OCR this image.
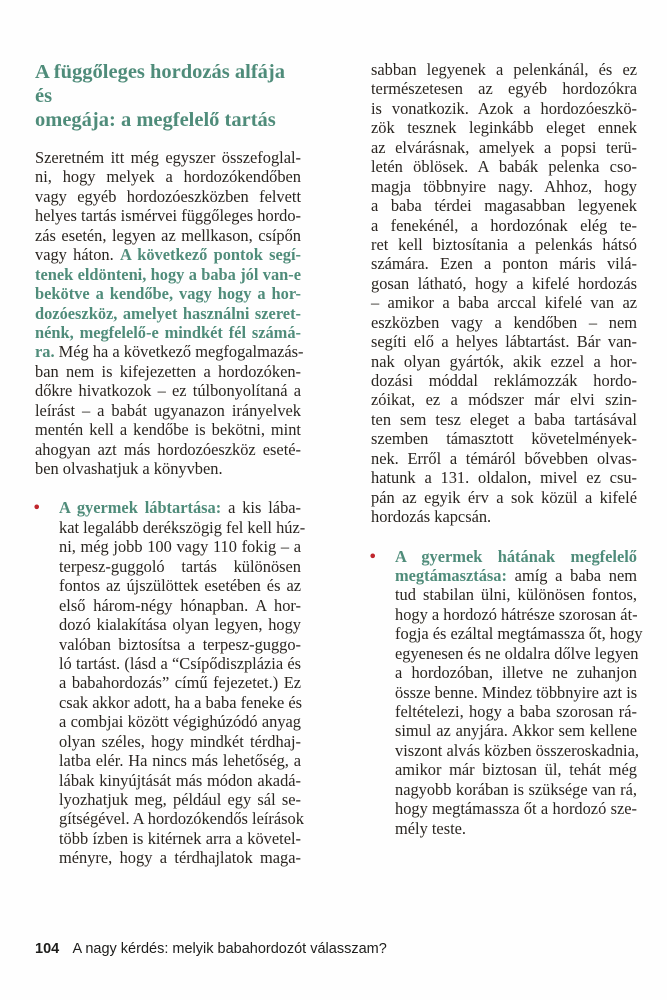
A függőleges hordozás alfája és
omegája: a megfelelő tartás
Szeretném itt még egyszer összefoglal-
ni, hogy melyek a hordozókendőben
vagy egyéb hordozóeszközben felvett
helyes tartás ismérvei függőleges hordo-
zás esetén, legyen az mellkason, csípőn
vagy háton. A következő pontok segí-
tenek eldönteni, hogy a baba jól van-e
bekötve a kendőbe, vagy hogy a hor-
dozóeszköz, amelyet használni szeret-
nénk, megfelelő-e mindkét fél számá-
ra. Még ha a következő megfogalmazás-
ban nem is kifejezetten a hordozóken-
dőkre hivatkozok – ez túlbonyolítaná a
leírást – a babát ugyanazon irányelvek
mentén kell a kendőbe is bekötni, mint
ahogyan azt más hordozóeszköz eseté-
ben olvashatjuk a könyvben.
• A gyermek lábtartása: a kis lába-
kat legalább derékszögig fel kell húz-
ni, még jobb 100 vagy 110 fokig – a
terpesz-guggoló tartás különösen
fontos az újszülöttek esetében és az
első három-négy hónapban. A hor-
dozó kialakítása olyan legyen, hogy
valóban biztosítsa a terpesz-guggo-
ló tartást. (lásd a “Csípődiszplázia és
a babahordozás” című fejezetet.) Ez
csak akkor adott, ha a baba feneke és
a combjai között végighúzódó anyag
olyan széles, hogy mindkét térdhaj-
latba elér. Ha nincs más lehetőség, a
lábak kinyújtását más módon akadá-
lyozhatjuk meg, például egy sál se-
gítségével. A hordozókendős leírások
több ízben is kitérnek arra a követel-
ményre, hogy a térdhajlatok maga-
sabban legyenek a pelenkánál, és ez
természetesen az egyéb hordozókra
is vonatkozik. Azok a hordozóeszkö-
zök tesznek leginkább eleget ennek
az elvárásnak, amelyek a popsi terü-
letén öblösek. A babák pelenka cso-
magja többnyire nagy. Ahhoz, hogy
a baba térdei magasabban legyenek
a fenekénél, a hordozónak elég te-
ret kell biztosítania a pelenkás hátsó
számára. Ezen a ponton máris vilá-
gosan látható, hogy a kifelé hordozás
– amikor a baba arccal kifelé van az
eszközben vagy a kendőben – nem
segíti elő a helyes lábtartást. Bár van-
nak olyan gyártók, akik ezzel a hor-
dozási móddal reklámozzák hordo-
zóikat, ez a módszer már elvi szin-
ten sem tesz eleget a baba tartásával
szemben támasztott követelmények-
nek. Erről a témáról bővebben olvas-
hatunk a 131. oldalon, mivel ez csu-
pán az egyik érv a sok közül a kifelé
hordozás kapcsán.
• A gyermek hátának megfelelő
megtámasztása: amíg a baba nem
tud stabilan ülni, különösen fontos,
hogy a hordozó hátrésze szorosan át-
fogja és ezáltal megtámassza őt, hogy
egyenesen és ne oldalra dőlve legyen
a hordozóban, illetve ne zuhanjon
össze benne. Mindez többnyire azt is
feltételezi, hogy a baba szorosan rá-
simul az anyjára. Akkor sem kellene
viszont alvás közben összeroskadnia,
amikor már biztosan ül, tehát még
nagyobb korában is szüksége van rá,
hogy megtámassza őt a hordozó sze-
mély teste.
104 A nagy kérdés: melyik babahordozót válasszam?
